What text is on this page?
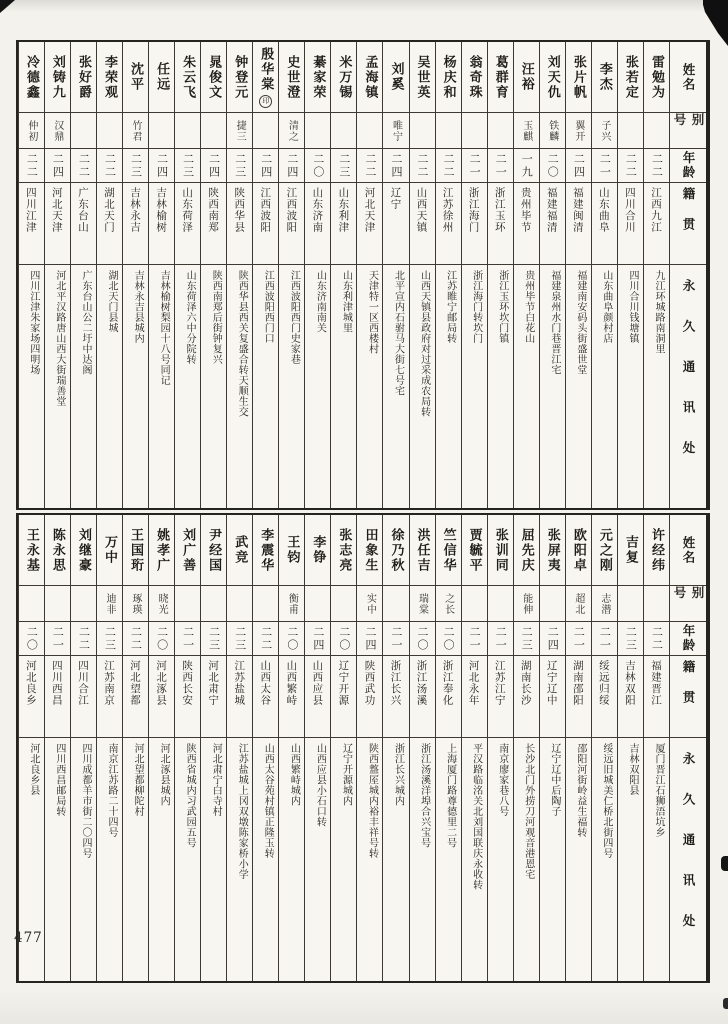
雷勉为
二二
江西九江
九江环城路南洞里
张若定
二二
四川合川
四川合川钱塘镇
李杰
子兴
二一
山东曲阜
山东曲阜颜村店
张片帆
翼开
二四
福建闽清
福建南安码头街盛世堂
刘天仇
铁麟
二〇
福建福清
福建泉州水门巷晋江宅
汪裕
玉麒
一九
贵州毕节
贵州毕节白花山
葛群育
二一
浙江玉环
浙江玉环坎门镇
翁奇珠
二一
浙江海门
浙江海门转坎门
杨庆和
二二
江苏徐州
江苏睢宁邮局转
吴世英
二二
山西天镇
山西天镇县政府对过采成农局转
刘奚
唯宁
二四
辽宁
北平宣内石驸马大街七号宅
孟海镇
二二
河北天津
天津特一区西楼村
米万锡
二三
山东利津
山东利津城里
綦家荣
二〇
山东济南
山东济南南关
史世澄
清之
二四
江西波阳
江西波阳西门史家巷
殷华棠
印
二四
江西波阳
江西波阳西门口
钟登元
捷三
二三
陕西华县
陕西华县西关复盛合转天顺生交
晁俊文
二四
陕西南郑
陕西南郑后街钟复兴
朱云飞
二三
山东荷泽
山东荷泽六中分院转
任远
二四
吉林榆树
吉林榆树梨园十八号同记
沈平
竹君
二三
吉林永吉
吉林永吉县城内
李荣观
二二
湖北天门
湖北天门县城
张好爵
二二
广东台山
广东台山公二圩中达阁
刘铸九
汉鼎
二四
河北天津
河北平汉路唐山西大街瑞善堂
冷德鑫
仲初
二二
四川江津
四川江津朱家场四明场
姓名
别号
年龄
籍贯
永久通讯处
许经纬
二二
福建晋江
厦门晋江石狮浯坑乡
吉复
二三
吉林双阳
吉林双阳县
元之刚
志潜
二一
绥远归绥
绥远旧城美仁桥北街四号
欧阳卓
超北
二一
湖南邵阳
邵阳河街岭益生福转
张屏夷
二四
辽宁辽中
辽宁辽中后陶子
屈先庆
能伸
二三
湖南长沙
长沙北门外捞刀河观音港恩宅
张训同
二一
江苏江宁
南京廖家巷八号
贾毓平
二一
河北永年
平汉路临洺关北刘国联庆永收转
竺信华
之长
二〇
浙江奉化
上海厦门路尊德里二号
洪任吉
瑞棠
二〇
浙江汤溪
浙江汤溪洋埠合兴宝号
徐乃秋
二一
浙江长兴
浙江长兴城内
田象生
实中
二四
陕西武功
陕西盩厔城内裕丰祥号转
张志亮
二〇
辽宁开源
辽宁开源城内
李铮
二四
山西应县
山西应县小石口转
王钧
衡甫
二〇
山西繁峙
山西繁峙城内
李震华
二二
山西太谷
山西太谷苑村镇正隆玉转
武竞
二三
江苏盐城
江苏盐城上冈双墩陈家桥小学
尹经国
二三
河北肃宁
河北肃宁白寺村
刘广善
二一
陕西长安
陕西省城内习武园五号
姚孝广
晓光
二〇
河北涿县
河北涿县城内
王国珩
琢瑛
二二
河北望都
河北望都柳陀村
万中
迪非
二三
江苏南京
南京江苏路二十四号
刘继豪
二二
四川合江
四川成都羊市街二〇四号
陈永思
二一
四川西昌
四川西昌邮局转
王永基
二〇
河北良乡
河北良乡县
姓名
别号
年龄
籍贯
永久通讯处
477
